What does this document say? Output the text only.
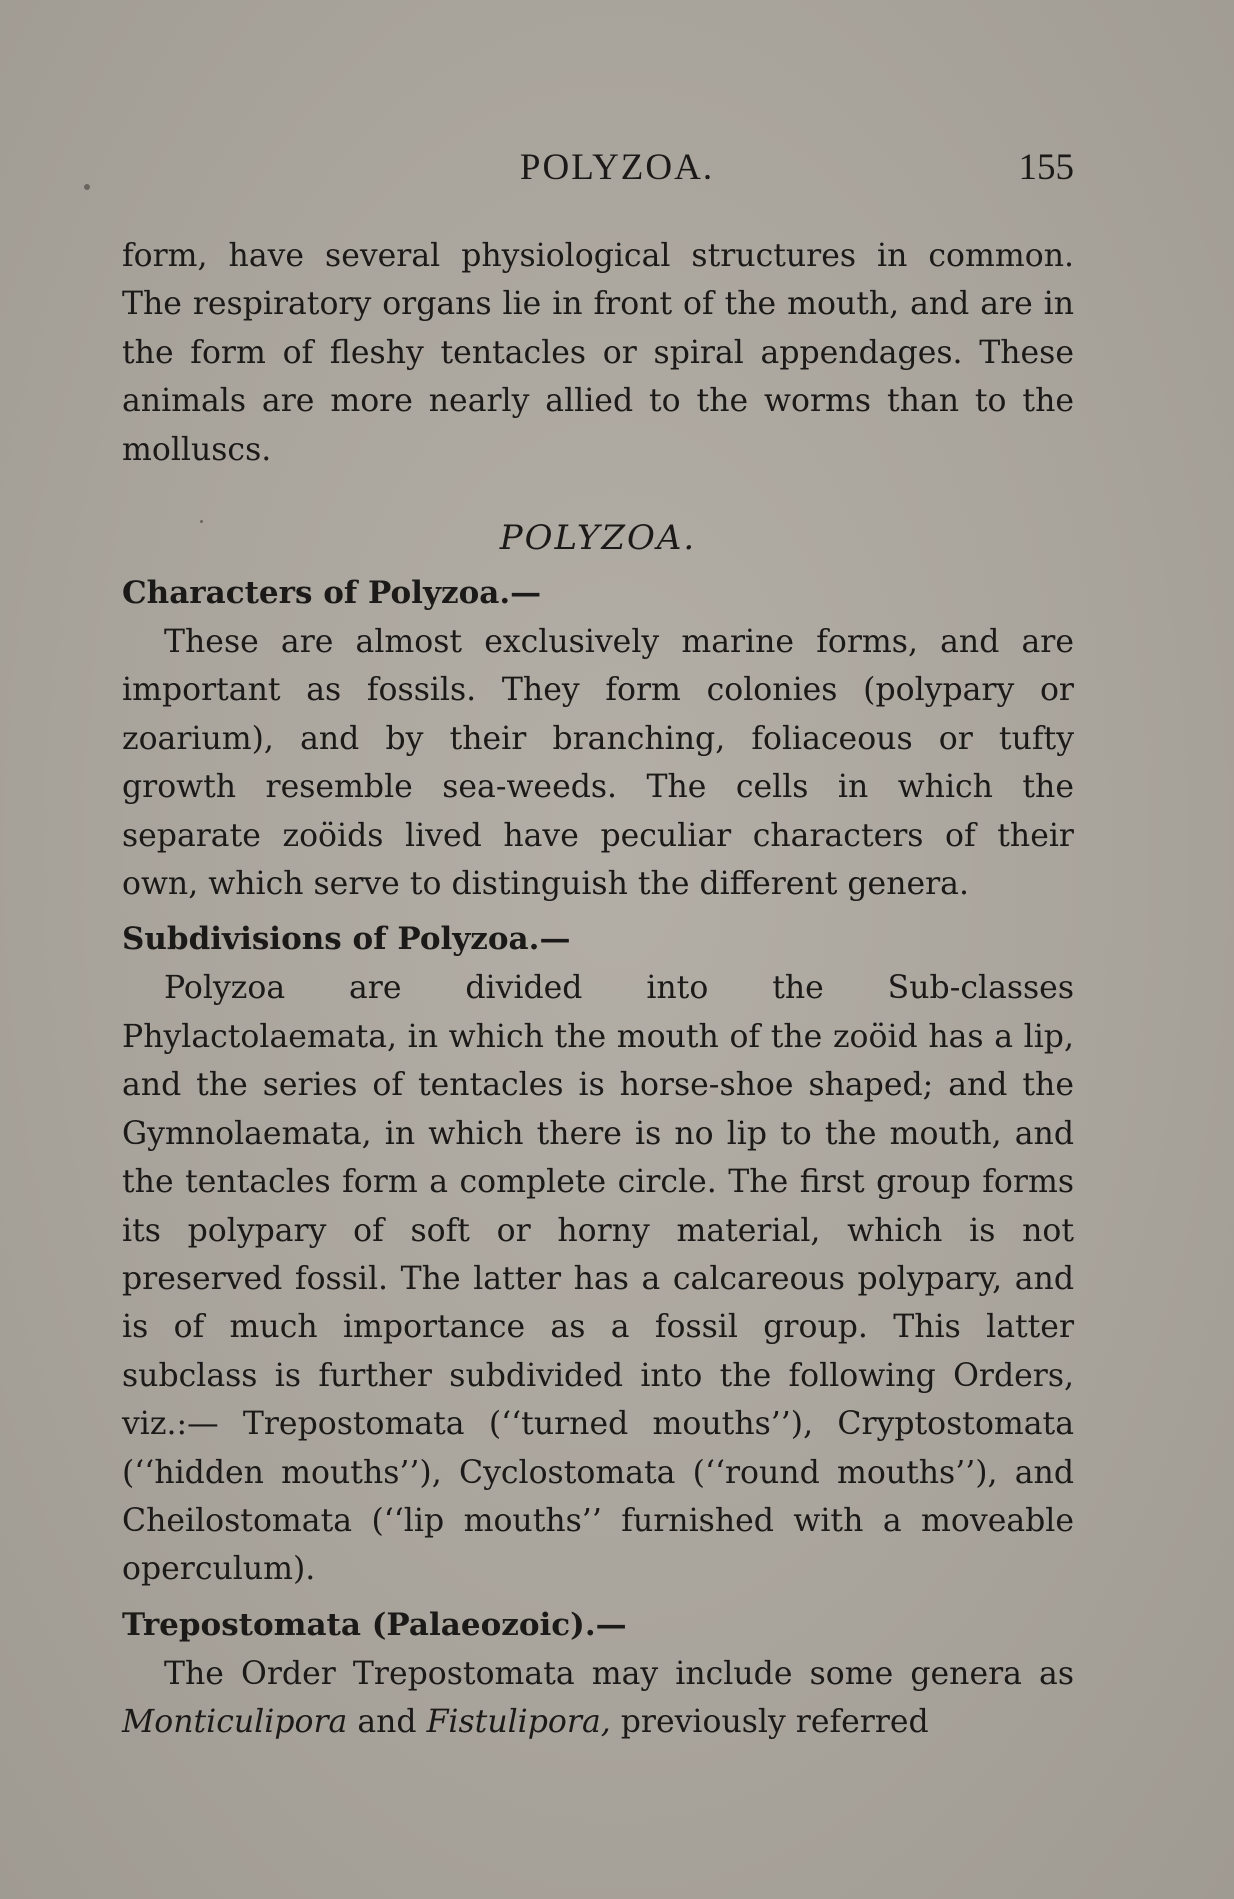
POLYZOA.	155

form, have several physiological structures in common. The respiratory organs lie in front of the mouth, and are in the form of fleshy tentacles or spiral appendages. These animals are more nearly allied to the worms than to the molluscs.

POLYZOA.
Characters of Polyzoa.—

These are almost exclusively marine forms, and are important as fossils. They form colonies (polypary or zoarium), and by their branching, foliaceous or tufty growth resemble sea-weeds. The cells in which the separate zoöids lived have peculiar characters of their own, which serve to distinguish the different genera.

Subdivisions of Polyzoa.—

Polyzoa are divided into the Sub-classes Phylactolaemata, in which the mouth of the zoöid has a lip, and the series of tentacles is horse-shoe shaped; and the Gymnolaemata, in which there is no lip to the mouth, and the tentacles form a complete circle. The first group forms its polypary of soft or horny material, which is not preserved fossil. The latter has a calcareous polypary, and is of much importance as a fossil group. This latter subclass is further subdivided into the following Orders, viz.:— Trepostomata (‘‘turned mouths’’), Cryptostomata (‘‘hidden mouths’’), Cyclostomata (‘‘round mouths’’), and Cheilostomata (‘‘lip mouths’’ furnished with a moveable operculum).

Trepostomata (Palaeozoic).—

The Order Trepostomata may include some genera as Monticulipora and Fistulipora, previously referred
